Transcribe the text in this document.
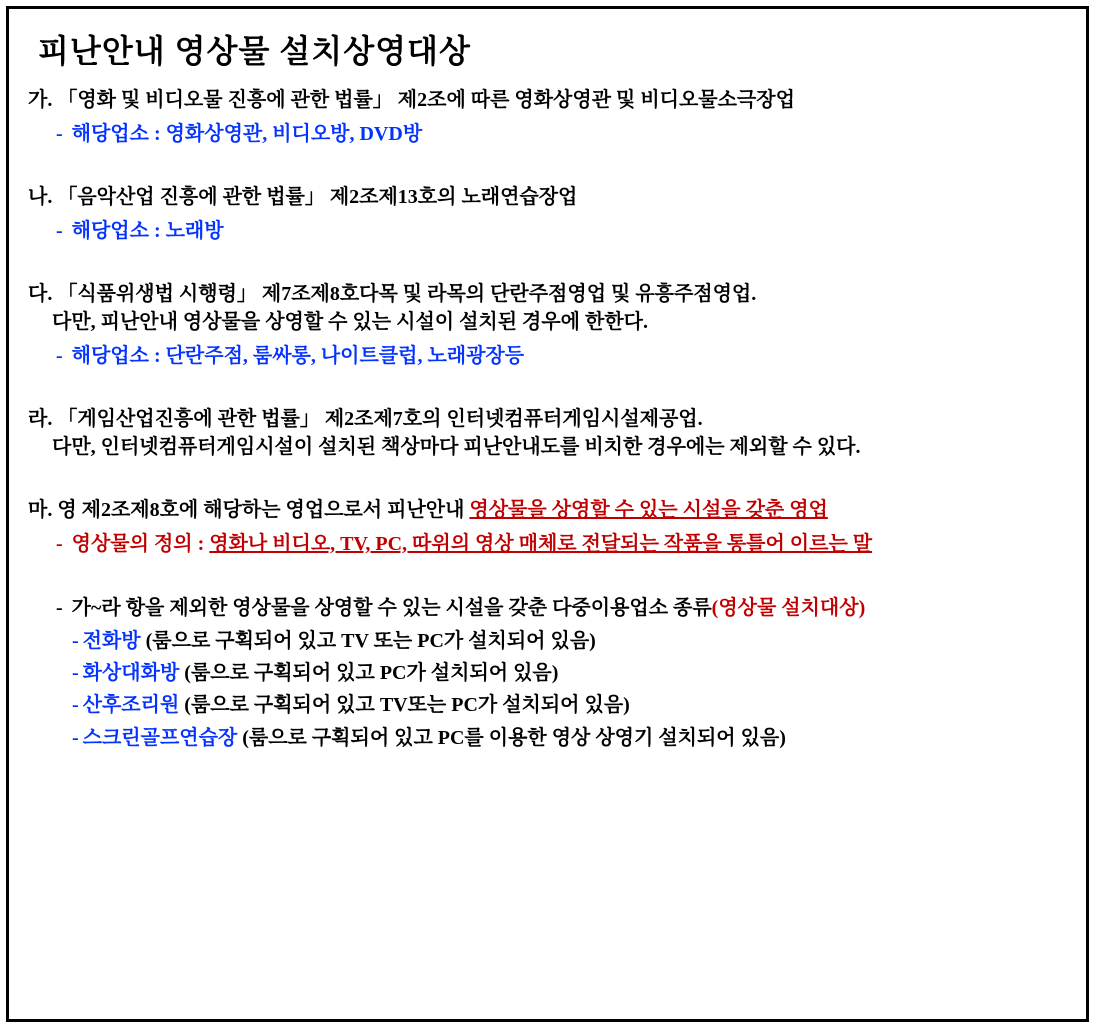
피난안내 영상물 설치상영대상
가. 「영화 및 비디오물 진흥에 관한 법률」 제2조에 따른 영화상영관 및 비디오물소극장업
- 해당업소 : 영화상영관, 비디오방, DVD방
나. 「음악산업 진흥에 관한 법률」 제2조제13호의 노래연습장업
- 해당업소 : 노래방
다. 「식품위생법 시행령」 제7조제8호다목 및 라목의 단란주점영업 및 유흥주점영업.
다만, 피난안내 영상물을 상영할 수 있는 시설이 설치된 경우에 한한다.
- 해당업소 : 단란주점, 룸싸롱, 나이트클럽, 노래광장등
라. 「게임산업진흥에 관한 법률」 제2조제7호의 인터넷컴퓨터게임시설제공업.
다만, 인터넷컴퓨터게임시설이 설치된 책상마다 피난안내도를 비치한 경우에는 제외할 수 있다.
마. 영 제2조제8호에 해당하는 영업으로서 피난안내 영상물을 상영할 수 있는 시설을 갖춘 영업
- 영상물의 정의 : 영화나 비디오, TV, PC, 따위의 영상 매체로 전달되는 작품을 통틀어 이르는 말
- 가~라 항을 제외한 영상물을 상영할 수 있는 시설을 갖춘 다중이용업소 종류(영상물 설치대상)
- 전화방 (룸으로 구획되어 있고 TV 또는 PC가 설치되어 있음)
- 화상대화방 (룸으로 구획되어 있고 PC가 설치되어 있음)
- 산후조리원 (룸으로 구획되어 있고 TV또는 PC가 설치되어 있음)
- 스크린골프연습장 (룸으로 구획되어 있고 PC를 이용한 영상 상영기 설치되어 있음)
